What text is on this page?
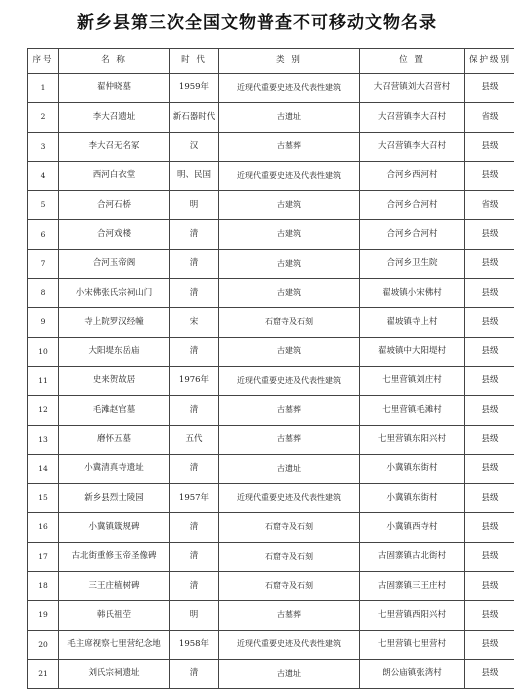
新乡县第三次全国文物普查不可移动文物名录
序号	名 称	时 代	类 别	位 置	保护级别
1	翟仲晓墓	1959年	近现代重要史迹及代表性建筑	大召营镇刘大召营村	县级
2	李大召遗址	新石器时代	古遗址	大召营镇李大召村	省级
3	李大召无名冢	汉	古墓葬	大召营镇李大召村	县级
4	西河白衣堂	明、民国	近现代重要史迹及代表性建筑	合河乡西河村	县级
5	合河石桥	明	古建筑	合河乡合河村	省级
6	合河戏楼	清	古建筑	合河乡合河村	县级
7	合河玉帝阁	清	古建筑	合河乡卫生院	县级
8	小宋佛张氏宗祠山门	清	古建筑	翟坡镇小宋佛村	县级
9	寺上院罗汉经幢	宋	石窟寺及石刻	翟坡镇寺上村	县级
10	大阳堤东岳庙	清	古建筑	翟坡镇中大阳堤村	县级
11	史来贺故居	1976年	近现代重要史迹及代表性建筑	七里营镇刘庄村	县级
12	毛滩赵官墓	清	古墓葬	七里营镇毛滩村	县级
13	磨怀五墓	五代	古墓葬	七里营镇东阳兴村	县级
14	小冀清真寺遗址	清	古遗址	小冀镇东街村	县级
15	新乡县烈士陵园	1957年	近现代重要史迹及代表性建筑	小冀镇东街村	县级
16	小冀镇箴规碑	清	石窟寺及石刻	小冀镇西寺村	县级
17	古北街重修玉帝圣像碑	清	石窟寺及石刻	古固寨镇古北街村	县级
18	三王庄植树碑	清	石窟寺及石刻	古固寨镇三王庄村	县级
19	韩氏祖茔	明	古墓葬	七里营镇西阳兴村	县级
20	毛主席视察七里营纪念地	1958年	近现代重要史迹及代表性建筑	七里营镇七里营村	县级
21	刘氏宗祠遗址	清	古遗址	朗公庙镇张湾村	县级
